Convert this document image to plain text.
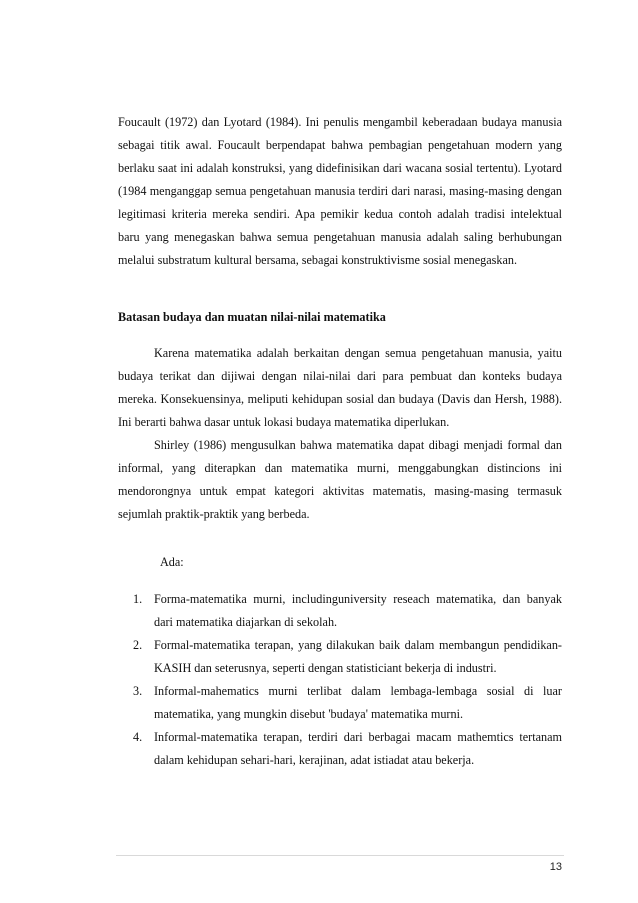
Foucault (1972) dan Lyotard (1984). Ini penulis mengambil keberadaan budaya manusia sebagai titik awal. Foucault berpendapat bahwa pembagian pengetahuan modern yang berlaku saat ini adalah konstruksi, yang didefinisikan dari wacana sosial tertentu). Lyotard (1984 menganggap semua pengetahuan manusia terdiri dari narasi, masing-masing dengan legitimasi kriteria mereka sendiri. Apa pemikir kedua contoh adalah tradisi intelektual baru yang menegaskan bahwa semua pengetahuan manusia adalah saling berhubungan melalui substratum kultural bersama, sebagai konstruktivisme sosial menegaskan.

Batasan budaya dan muatan nilai-nilai matematika

Karena matematika adalah berkaitan dengan semua pengetahuan manusia, yaitu budaya terikat dan dijiwai dengan nilai-nilai dari para pembuat dan konteks budaya mereka. Konsekuensinya, meliputi kehidupan sosial dan budaya (Davis dan Hersh, 1988). Ini berarti bahwa dasar untuk lokasi budaya matematika diperlukan.

Shirley (1986) mengusulkan bahwa matematika dapat dibagi menjadi formal dan informal, yang diterapkan dan matematika murni, menggabungkan distincions ini mendorongnya untuk empat kategori aktivitas matematis, masing-masing termasuk sejumlah praktik-praktik yang berbeda.

Ada:

1. Forma-matematika murni, includinguniversity reseach matematika, dan banyak dari matematika diajarkan di sekolah.
2. Formal-matematika terapan, yang dilakukan baik dalam membangun pendidikan-KASIH dan seterusnya, seperti dengan statisticiant bekerja di industri.
3. Informal-mahematics murni terlibat dalam lembaga-lembaga sosial di luar matematika, yang mungkin disebut 'budaya' matematika murni.
4. Informal-matematika terapan, terdiri dari berbagai macam mathemtics tertanam dalam kehidupan sehari-hari, kerajinan, adat istiadat atau bekerja.
13
